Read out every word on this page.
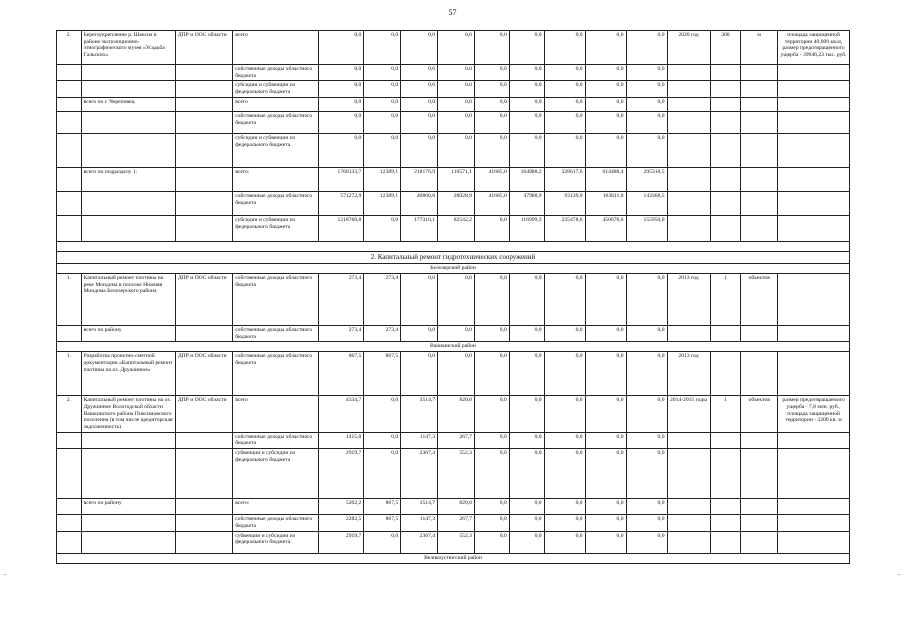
57
–	–
2.	Берегоукрепление р. Шексна в районе экспозиционно-этнографического музея «Усадьба Гальских»	ДПР и ООС области	всего	0,0	0,0	0,0	0,0	0,0	0,0	0,0	0,0	0,0	2020 год	300	м	площадь защищенной территории 40,000 кв.м, размер предотвращенного ущерба - 39946,23 тыс. руб.
			собственные доходы областного бюджета	0,0	0,0	0,0	0,0	0,0	0,0	0,0	0,0	0,0				
			субсидии и субвенции из федерального бюджета	0,0	0,0	0,0	0,0	0,0	0,0	0,0	0,0	0,0				
	всего по г. Череповец		всего	0,0	0,0	0,0	0,0	0,0	0,0	0,0	0,0	0,0				
			собственные доходы областного бюджета	0,0	0,0	0,0	0,0	0,0	0,0	0,0	0,0	0,0				
			субсидии и субвенции из федерального бюджета	0,0	0,0	0,0	0,0	0,0	0,0	0,0	0,0	0,0				
	всего по подразделу 1:		всего:	1760133,7	12389,1	218176,9	110571,1	41685,0	164988,2	328617,6	614488,4	295318,5				
			собственные доходы областного бюджета	571272,9	12389,1	40860,8	28028,9	41685,0	47988,9	93139,0	163811,8	143368,5				
			субсидии и субвенции из федерального бюджета	1218760,8	0,0	177316,1	82542,2	0,0	116999,3	235478,6	450676,6	155950,0				

2. Капитальный ремонт гидротехнических сооружений																
Белозерский район																
1.	Капитальный ремонт плотины на реке Мондома в поселке Нижняя Мондома Белозерского района	ДПР и ООС области	собственные доходы областного бюджета	273,4	273,4	0,0	0,0	0,0	0,0	0,0	0,0	0,0	2013 год	1	объектов	
	всего по району		собственные доходы областного бюджета	273,4	273,4	0,0	0,0	0,0	0,0	0,0	0,0	0,0				
Вашкинский район																
1.	Разработка проектно-сметной документации «Капитальный ремонт плотины на оз. Дружинное»	ДПР и ООС области	собственные доходы областного бюджета	867,5	867,5	0,0	0,0	0,0	0,0	0,0	0,0	0,0	2013 год			
2.	Капитальный ремонт плотины на оз. Дружинное Вологодской области Вашкинского района Пиксимовского поселения (в том числе кредиторская задолженность)	ДПР и ООС области	всего	4334,7	0,0	3514,7	820,0	0,0	0,0	0,0	0,0	0,0	2014-2015 годы	1	объектов	размер предотвращаемого ущерба - 7,8 млн. руб., площадь защищенной территории - 3200 кв. м
			собственные доходы областного бюджета	1415,0	0,0	1147,3	267,7	0,0	0,0	0,0	0,0	0,0				
			субвенции и субсидии из федерального бюджета	2919,7	0,0	2367,4	552,3	0,0	0,0	0,0	0,0	0,0				
	всего по району		всего:	5202,2	867,5	3514,7	820,0	0,0	0,0	0,0	0,0	0,0				
			собственные доходы областного бюджета	2282,5	867,5	1147,3	267,7	0,0	0,0	0,0	0,0	0,0				
			субвенции и субсидии из федерального бюджета	2919,7	0,0	2367,4	552,3	0,0	0,0	0,0	0,0	0,0				
Великоустюгский район																
